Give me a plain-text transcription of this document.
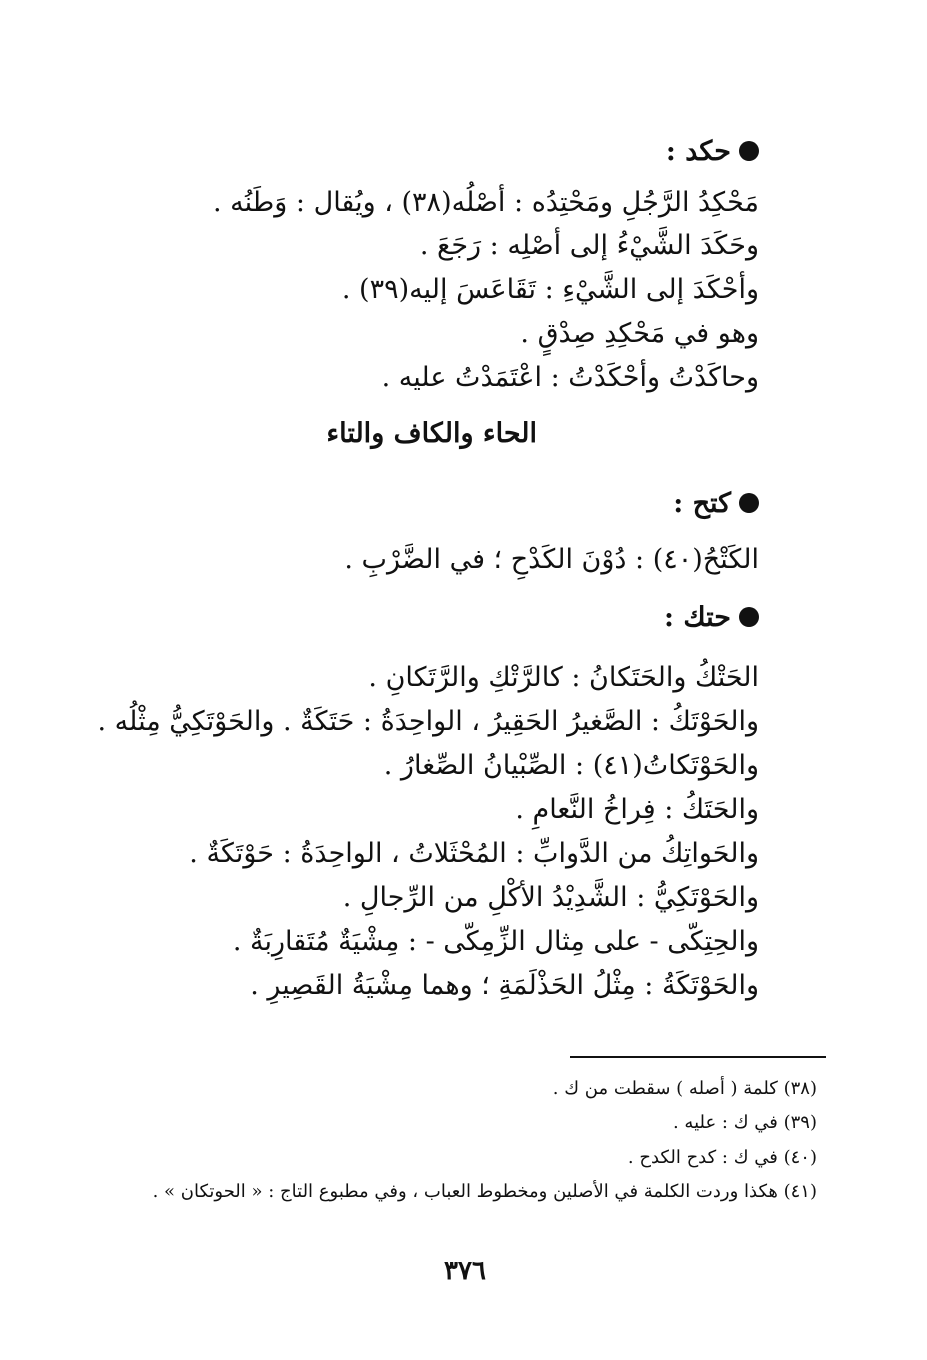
حكد :
مَحْكِدُ الرَّجُلِ ومَحْتِدُه : أصْلُه(٣٨) ، ويُقال : وَطَنُه .
وحَكَدَ الشَّيْءُ إلى أصْلِه : رَجَعَ .
وأحْكَدَ إلى الشَّيْءِ : تَقَاعَسَ إليه(٣٩) .
وهو في مَحْكِدِ صِدْقٍ .
وحاكَدْتُ وأحْكَدْتُ : اعْتَمَدْتُ عليه .
الحاء والكاف والتاء
كتح :
الكَتْحُ(٤٠) : دُوْنَ الكَدْحِ ؛ في الضَّرْبِ .
حتك :
الحَتْكُ والحَتَكانُ : كالرَّتْكِ والرَّتَكانِ .
والحَوْتَكُ : الصَّغيرُ الحَقِيرُ ، الواحِدَةُ : حَتَكَةٌ . والحَوْتَكِيُّ مِثْلُه .
والحَوْتَكاتُ(٤١) : الصِّبْيانُ الصِّغارُ .
والحَتَكُ : فِراخُ النَّعامِ .
والحَواتِكُ من الدَّوابِّ : المُحْثَلاتُ ، الواحِدَةُ : حَوْتَكَةٌ .
والحَوْتَكِيُّ : الشَّدِيْدُ الأكْلِ من الرِّجالِ .
والحِتِكّى - على مِثال الزِّمِكّى - : مِشْيَةٌ مُتَقارِبَةٌ .
والحَوْتَكَةُ : مِثْلُ الحَذْلَمَةِ ؛ وهما مِشْيَةُ القَصِيرِ .
(٣٨) كلمة ( أصله ) سقطت من ك .
(٣٩) في ك : عليه .
(٤٠) في ك : كدح الكدح .
(٤١) هكذا وردت الكلمة في الأصلين ومخطوط العباب ، وفي مطبوع التاج : « الحوتكان » .
٣٧٦
